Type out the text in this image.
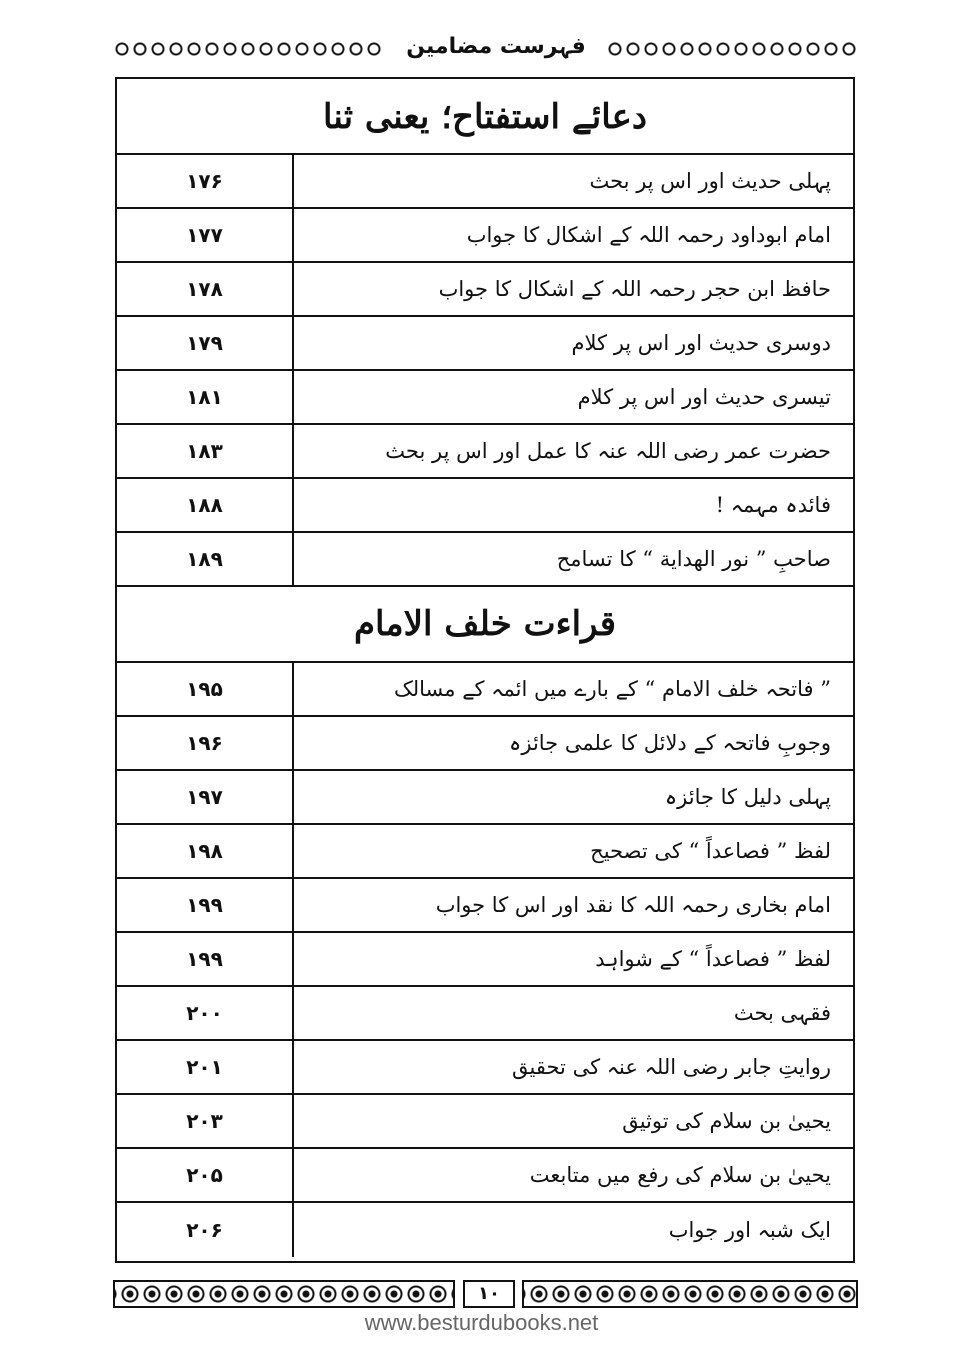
فہرست مضامین
دعائے استفتاح؛ یعنی ثنا
پہلی حدیث اور اس پر بحث
۱۷۶
امام ابوداود رحمہ اللہ کے اشکال کا جواب
۱۷۷
حافظ ابن حجر رحمہ اللہ کے اشکال کا جواب
۱۷۸
دوسری حدیث اور اس پر کلام
۱۷۹
تیسری حدیث اور اس پر کلام
۱۸۱
حضرت عمر رضی اللہ عنہ کا عمل اور اس پر بحث
۱۸۳
فائدہ مہمہ !
۱۸۸
صاحبِ ” نور الهداية “ کا تسامح
۱۸۹
قراءت خلف الامام
” فاتحہ خلف الامام “ کے بارے میں ائمہ کے مسالک
۱۹۵
وجوبِ فاتحہ کے دلائل کا علمی جائزہ
۱۹۶
پہلی دلیل کا جائزہ
۱۹۷
لفظ ” فصاعداً “ کی تصحیح
۱۹۸
امام بخاری رحمہ اللہ کا نقد اور اس کا جواب
۱۹۹
لفظ ” فصاعداً “ کے شواہد
۱۹۹
فقہی بحث
۲۰۰
روایتِ جابر رضی اللہ عنہ کی تحقیق
۲۰۱
یحییٰ بن سلام کی توثیق
۲۰۳
یحییٰ بن سلام کی رفع میں متابعت
۲۰۵
ایک شبہ اور جواب
۲۰۶
۱۰
www.besturdubooks.net
